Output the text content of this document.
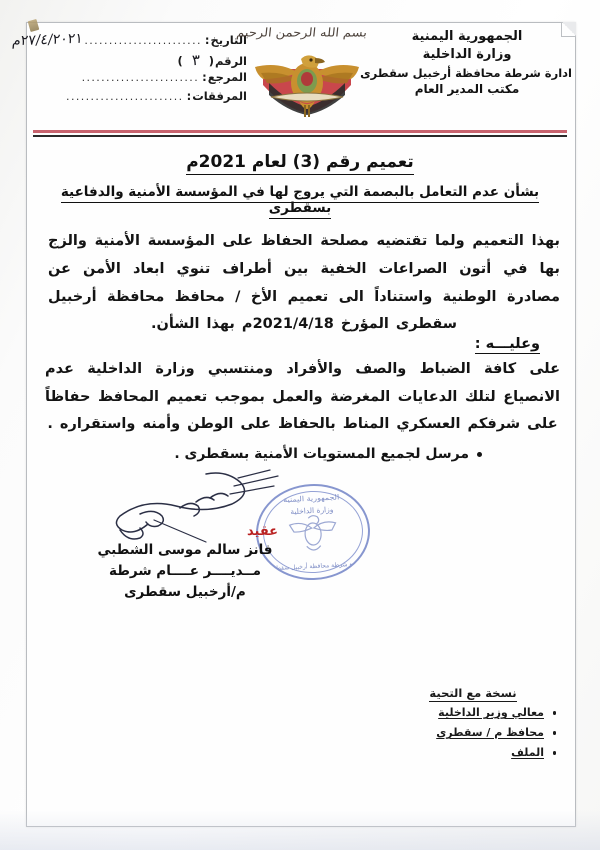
التاريخ
:
........................
٢٧/٤/٢٠٢١م
الرقم
(
٣
)
المرجع
:
........................
المرفقات
:
........................
بسم الله الرحمن الرحيم	الجمهورية اليمنية
وزارة الداخلية
ادارة شرطة محافظة أرخبيل سقطرى
مكتب المدير العام
تعميم رقم (3) لعام 2021م
بشأن عدم التعامل بالبصمة التي يروج لها في المؤسسة الأمنية والدفاعية بسقطرى
بهذا التعميم ولما تقتضيه مصلحة الحفاظ على المؤسسة الأمنية والزج بها في أتون الصراعات الخفية بين أطراف تنوي ابعاد الأمن عن مصادرة الوطنية واستناداً الى تعميم الأخ / محافظ محافظة أرخبيل سقطرى المؤرخ 2021/4/18م بهذا الشأن.
وعليـــه :
على كافة الضباط والصف والأفراد ومنتسبي وزارة الداخلية عدم الانصياع لتلك الدعايات المغرضة والعمل بموجب تعميم المحافظ حفاظاً على شرفكم العسكري المناط بالحفاظ على الوطن وأمنه واستقراره .
مرسل لجميع المستويات الأمنية بسقطرى .
الجمهورية اليمنية
وزارة الداخلية
ادارة شرطة محافظة أرخبيل سقطرى
عقيد
فانز سالم موسى الشطبي
مــديــــر عــــام شرطة
م/أرخبيل سقطرى
نسخة مع التحية
معالي وزير الداخلية
محافظ م / سقطرى
الملف
